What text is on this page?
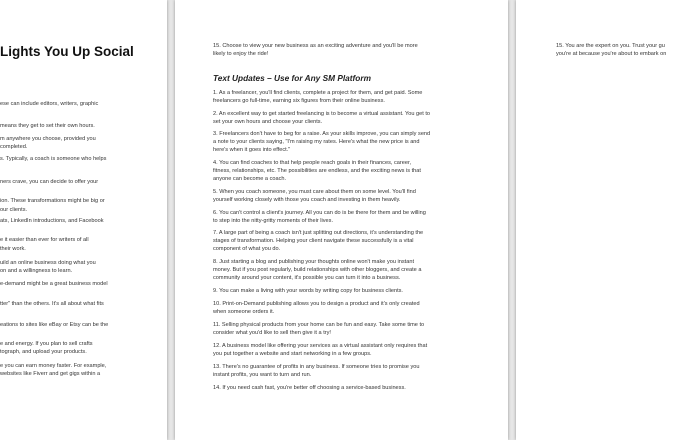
Lights You Up Social

ese can include editors, writers, graphic

means they get to set their own hours.

m anywhere you choose, provided you

completed.

s. Typically, a coach is someone who helps

ners crave, you can decide to offer your

ion. These transformations might be big or

our clients.

ats, LinkedIn introductions, and Facebook

e it easier than ever for writers of all

their work.

uild an online business doing what you

on and a willingness to learn.

e-demand might be a great business model

tter" than the others. It's all about what fits

eations to sites like eBay or Etsy can be the

e and energy. If you plan to sell crafts

tograph, and upload your products.

e you can earn money faster. For example,

websites like Fiverr and get gigs within a

15. Choose to view your new business as an exciting adventure and you'll be more

likely to enjoy the ride!

Text Updates – Use for Any SM Platform

1. As a freelancer, you'll find clients, complete a project for them, and get paid. Some

freelancers go full-time, earning six figures from their online business.

2. An excellent way to get started freelancing is to become a virtual assistant. You get to

set your own hours and choose your clients.

3. Freelancers don't have to beg for a raise. As your skills improve, you can simply send

a note to your clients saying, "I'm raising my rates. Here's what the new price is and

here's when it goes into effect."

4. You can find coaches to that help people reach goals in their finances, career,

fitness, relationships, etc. The possibilities are endless, and the exciting news is that

anyone can become a coach.

5. When you coach someone, you must care about them on some level. You'll find

yourself working closely with those you coach and investing in them heavily.

6. You can't control a client's journey. All you can do is be there for them and be willing

to step into the nitty-gritty moments of their lives.

7. A large part of being a coach isn't just splitting out directions, it's understanding the

stages of transformation. Helping your client navigate these successfully is a vital

component of what you do.

8. Just starting a blog and publishing your thoughts online won't make you instant

money. But if you post regularly, build relationships with other bloggers, and create a

community around your content, it's possible you can turn it into a business.

9. You can make a living with your words by writing copy for business clients.

10. Print-on-Demand publishing allows you to design a product and it's only created

when someone orders it.

11. Selling physical products from your home can be fun and easy. Take some time to

consider what you'd like to sell then give it a try!

12. A business model like offering your services as a virtual assistant only requires that

you put together a website and start networking in a few groups.

13. There's no guarantee of profits in any business. If someone tries to promise you

instant profits, you want to turn and run.

14. If you need cash fast, you're better off choosing a service-based business.

15. You are the expert on you. Trust your gu

you're at because you're about to embark on
